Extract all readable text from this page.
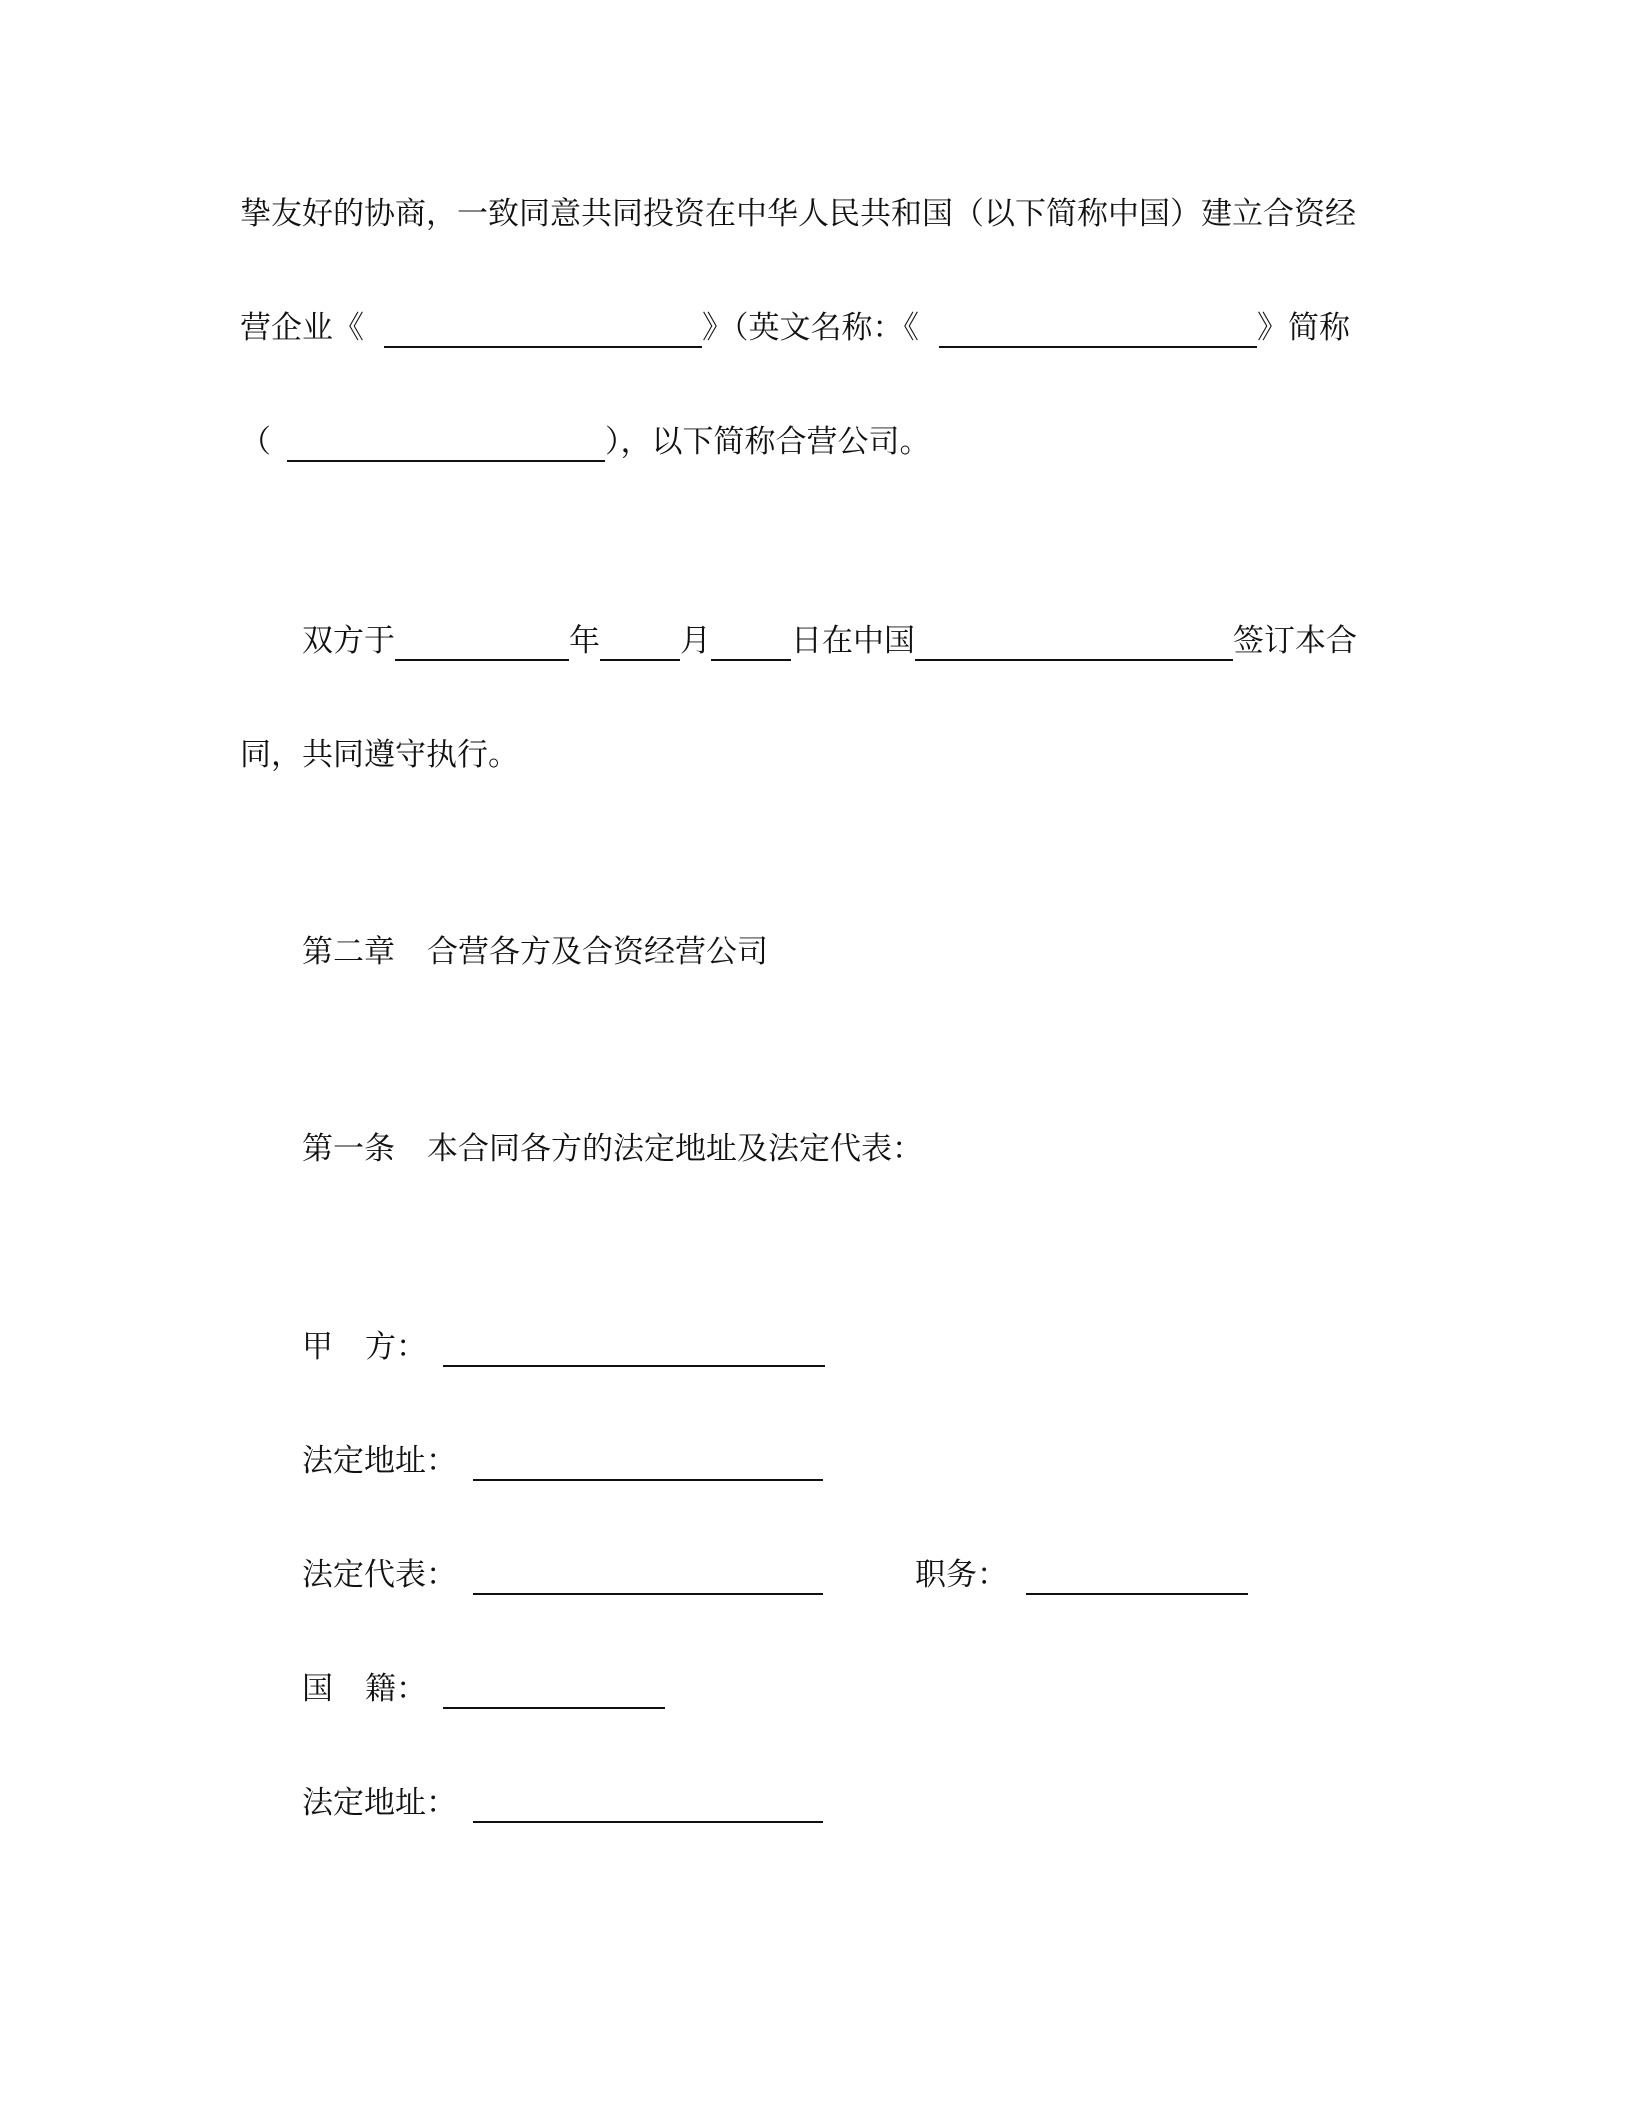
挚友好的协商，一致同意共同投资在中华人民共和国（以下简称中国）建立合资经
营企业《	》（英文名称：《	》简称
（	），以下简称合营公司。
双方于	年	月	日在中国	签订本合
同，共同遵守执行。
第二章 合营各方及合资经营公司
第一条 本合同各方的法定地址及法定代表：
甲 方：
法定地址：
法定代表：	职务：
国 籍：
法定地址：
